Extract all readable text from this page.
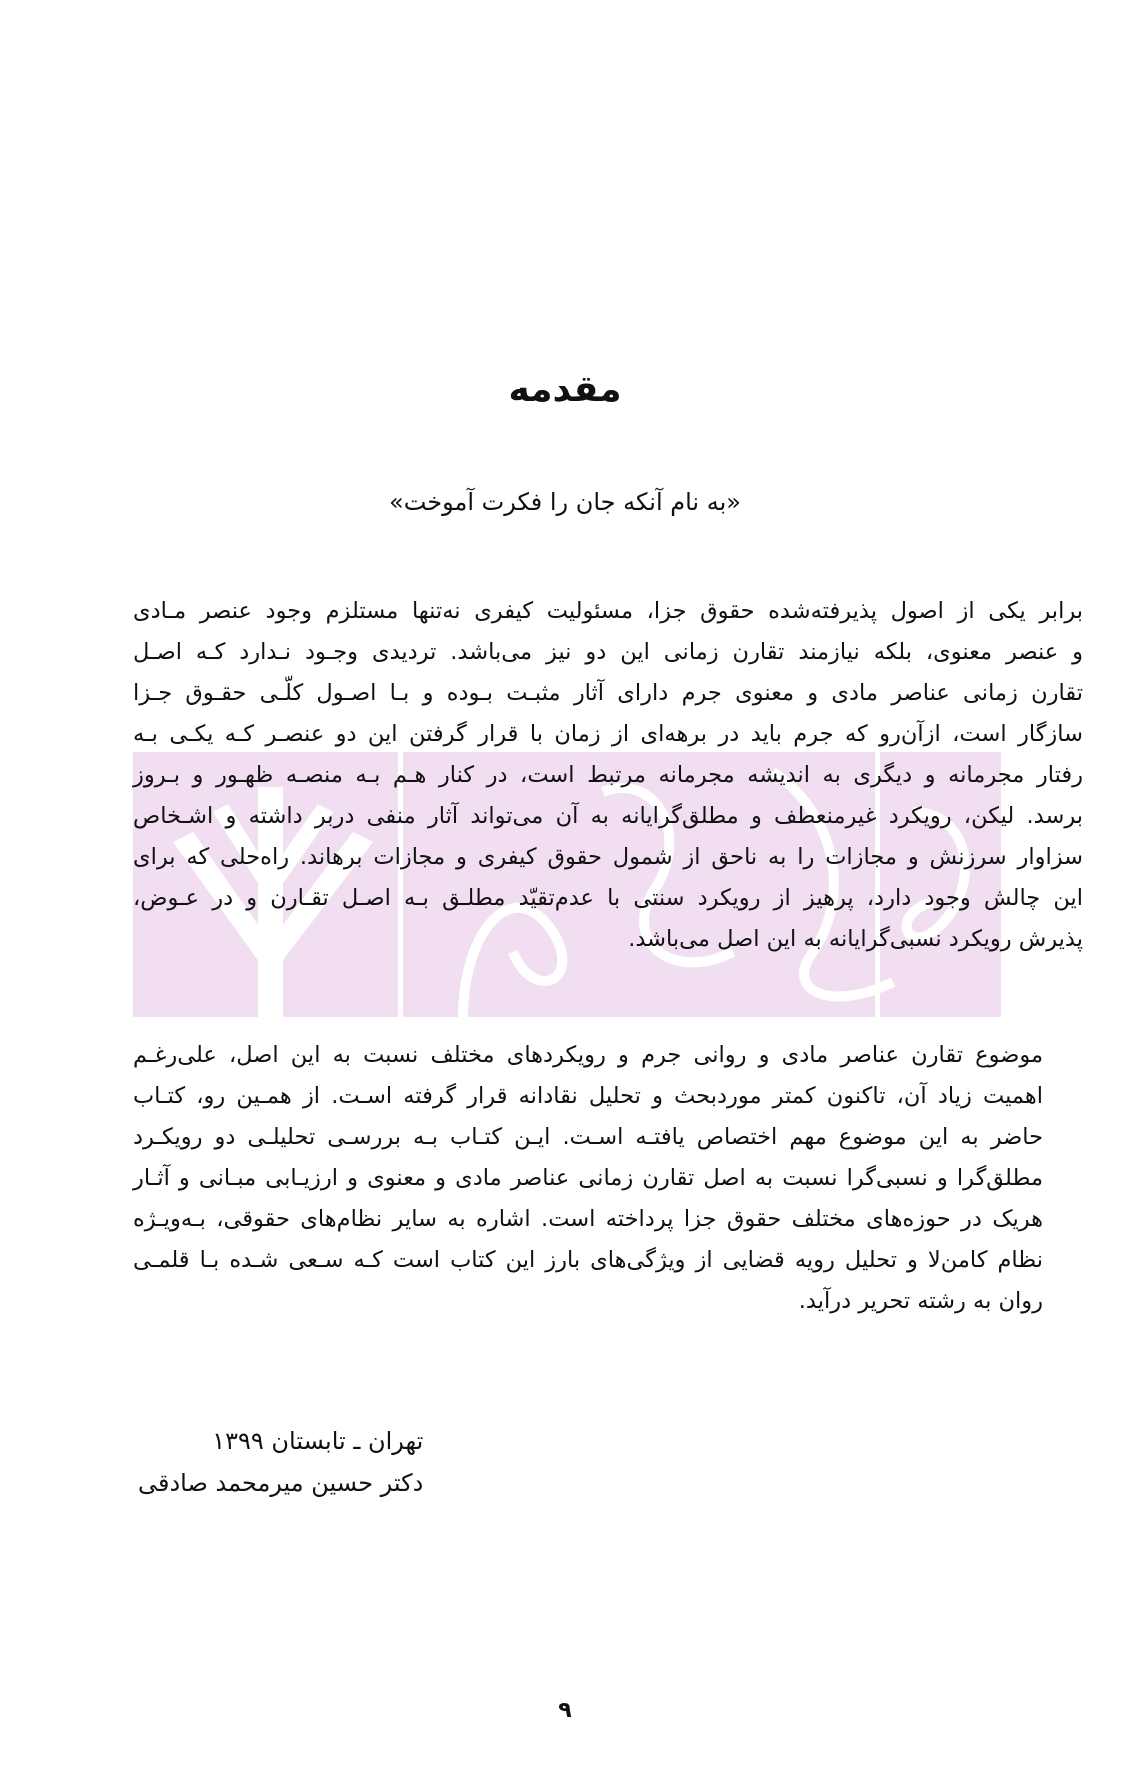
مقدمه
«به نام آنکه جان را فکرت آموخت»
برابر یکی از اصول پذیرفته‌شده حقوق جزا، مسئولیت کیفری نه‌تنها مستلزم وجود عنصر مـادی
و عنصر معنوی، بلکه نیازمند تقارن زمانی این دو نیز می‌باشد. تردیدی وجـود نـدارد کـه اصـل
تقارن زمانی عناصر مادی و معنوی جرم دارای آثار مثبـت بـوده و بـا اصـول کلّـی حقـوق جـزا
سازگار است، ازآن‌رو که جرم باید در برهه‌ای از زمان با قرار گرفتن این دو عنصـر کـه یکـی بـه
رفتار مجرمانه و دیگری به اندیشه مجرمانه مرتبط است، در کنار هـم بـه منصـه ظهـور و بـروز
برسد. لیکن، رویکرد غیرمنعطف و مطلق‌گرایانه به آن می‌تواند آثار منفی دربر داشته و اشـخاص
سزاوار سرزنش و مجازات را به ناحق از شمول حقوق کیفری و مجازات برهاند. راه‌حلی که برای
این چالش وجود دارد، پرهیز از رویکرد سنتی با عدم‌تقیّد مطلـق بـه اصـل تقـارن و در عـوض،
پذیرش رویکرد نسبی‌گرایانه به این اصل می‌باشد.
موضوع تقارن عناصر مادی و روانی جرم و رویکردهای مختلف نسبت به این اصل، علی‌رغـم
اهمیت زیاد آن، تاکنون کمتر موردبحث و تحلیل نقادانه قرار گرفته اسـت. از همـین رو، کتـاب
حاضر به این موضوع مهم اختصاص یافتـه اسـت. ایـن کتـاب بـه بررسـی تحلیلـی دو رویکـرد
مطلق‌گرا و نسبی‌گرا نسبت به اصل تقارن زمانی عناصر مادی و معنوی و ارزیـابی مبـانی و آثـار
هریک در حوزه‌های مختلف حقوق جزا پرداخته است. اشاره به سایر نظام‌های حقوقی، بـه‌ویـژه
نظام کامن‌لا و تحلیل رویه قضایی از ویژگی‌های بارز این کتاب است کـه سـعی شـده بـا قلمـی
روان به رشته تحریر درآید.
تهران ـ تابستان ۱۳۹۹
دکتر حسین میرمحمد صادقی
۹
